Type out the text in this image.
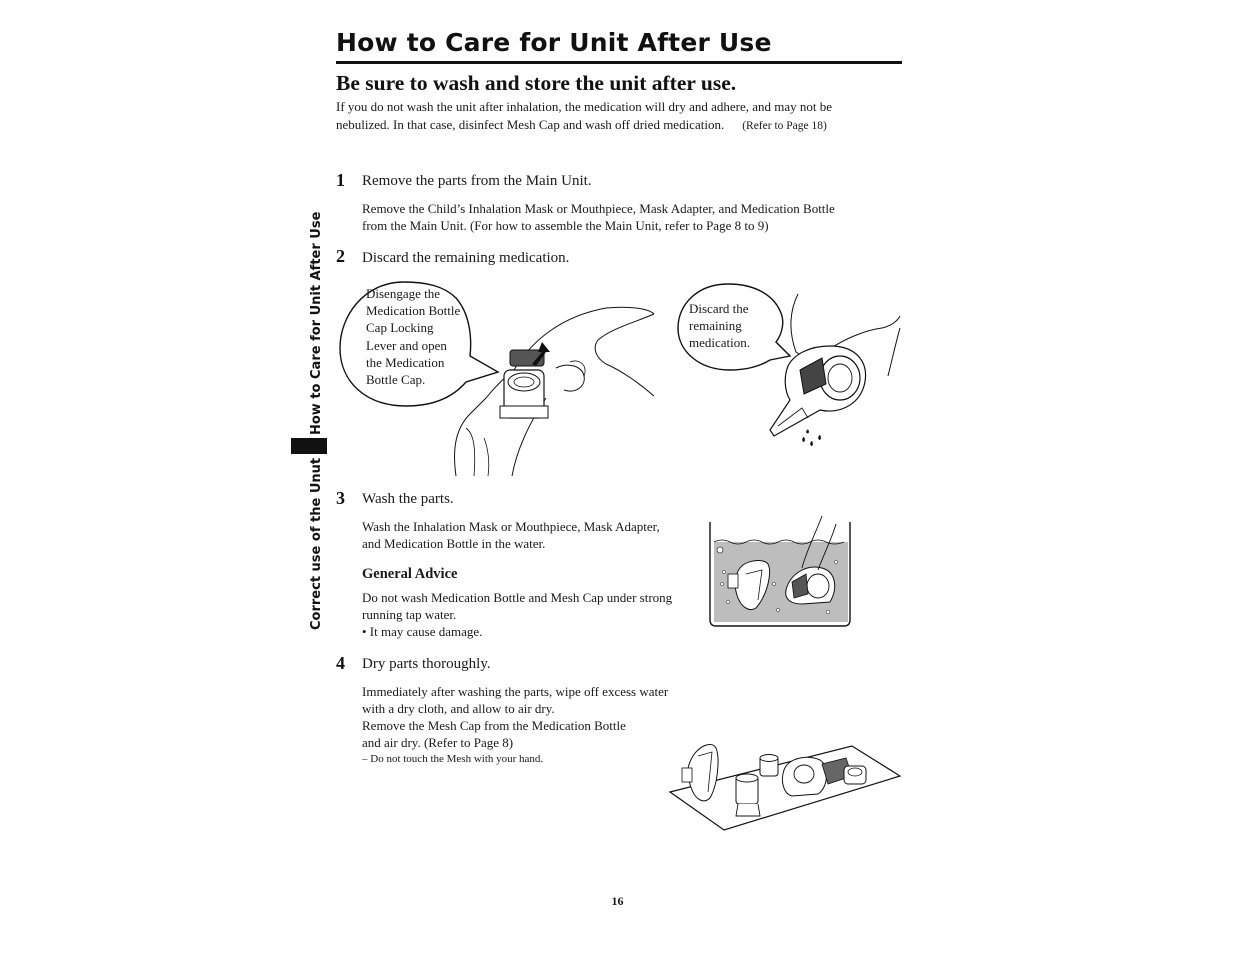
How to Care for Unit After Use
Be sure to wash and store the unit after use.
If you do not wash the unit after inhalation, the medication will dry and adhere, and may not be
nebulized. In that case, disinfect Mesh Cap and wash off dried medication. (Refer to Page 18)
How to Care for Unit After Use
Correct use of the Unut
1 Remove the parts from the Main Unit.
Remove the Child’s Inhalation Mask or Mouthpiece, Mask Adapter, and Medication Bottle
from the Main Unit. (For how to assemble the Main Unit, refer to Page 8 to 9)
2 Discard the remaining medication.
Disengage the
Medication Bottle
Cap Locking
Lever and open
the Medication
Bottle Cap.
Discard the
remaining
medication.
3 Wash the parts.
Wash the Inhalation Mask or Mouthpiece, Mask Adapter,
and Medication Bottle in the water.
General Advice
Do not wash Medication Bottle and Mesh Cap under strong
running tap water.
• It may cause damage.
4 Dry parts thoroughly.
Immediately after washing the parts, wipe off excess water
with a dry cloth, and allow to air dry.
Remove the Mesh Cap from the Medication Bottle
and air dry. (Refer to Page 8)
– Do not touch the Mesh with your hand.
16
